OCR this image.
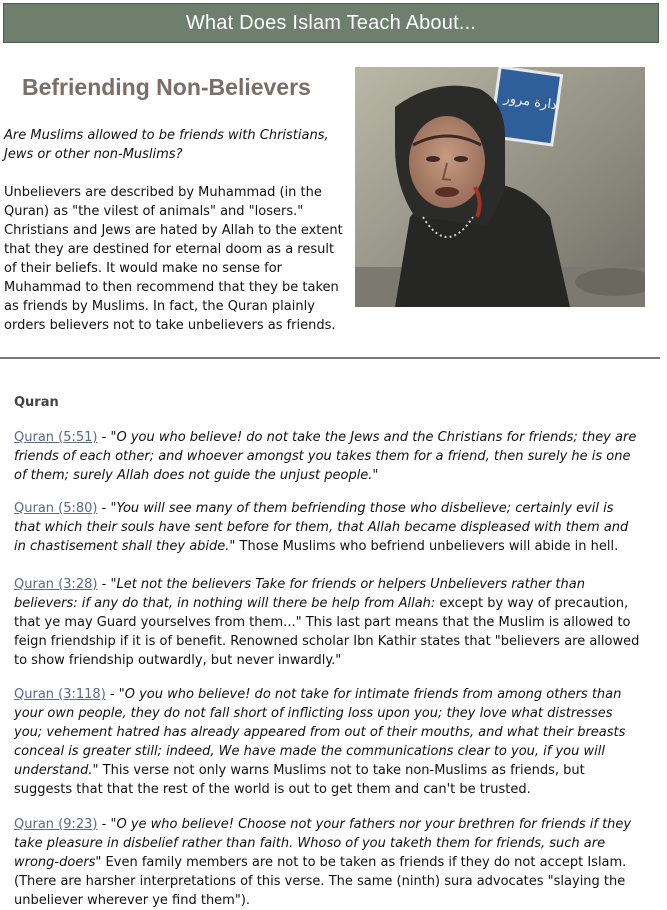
What Does Islam Teach About...
Befriending Non-Believers

Are Muslims allowed to be friends with Christians, Jews or other non-Muslims?

Unbelievers are described by Muhammad (in the Quran) as "the vilest of animals" and "losers." Christians and Jews are hated by Allah to the extent that they are destined for eternal doom as a result of their beliefs. It would make no sense for Muhammad to then recommend that they be taken as friends by Muslims. In fact, the Quran plainly orders believers not to take unbelievers as friends.

ادارة مرور
Quran

Quran (5:51) - "O you who believe! do not take the Jews and the Christians for friends; they are friends of each other; and whoever amongst you takes them for a friend, then surely he is one of them; surely Allah does not guide the unjust people."

Quran (5:80) - "You will see many of them befriending those who disbelieve; certainly evil is that which their souls have sent before for them, that Allah became displeased with them and in chastisement shall they abide." Those Muslims who befriend unbelievers will abide in hell.

Quran (3:28) - "Let not the believers Take for friends or helpers Unbelievers rather than believers: if any do that, in nothing will there be help from Allah: except by way of precaution, that ye may Guard yourselves from them..." This last part means that the Muslim is allowed to feign friendship if it is of benefit. Renowned scholar Ibn Kathir states that "believers are allowed to show friendship outwardly, but never inwardly."

Quran (3:118) - "O you who believe! do not take for intimate friends from among others than your own people, they do not fall short of inflicting loss upon you; they love what distresses you; vehement hatred has already appeared from out of their mouths, and what their breasts conceal is greater still; indeed, We have made the communications clear to you, if you will understand." This verse not only warns Muslims not to take non-Muslims as friends, but suggests that that the rest of the world is out to get them and can't be trusted.

Quran (9:23) - "O ye who believe! Choose not your fathers nor your brethren for friends if they take pleasure in disbelief rather than faith. Whoso of you taketh them for friends, such are wrong-doers" Even family members are not to be taken as friends if they do not accept Islam. (There are harsher interpretations of this verse. The same (ninth) sura advocates "slaying the unbeliever wherever ye find them").
